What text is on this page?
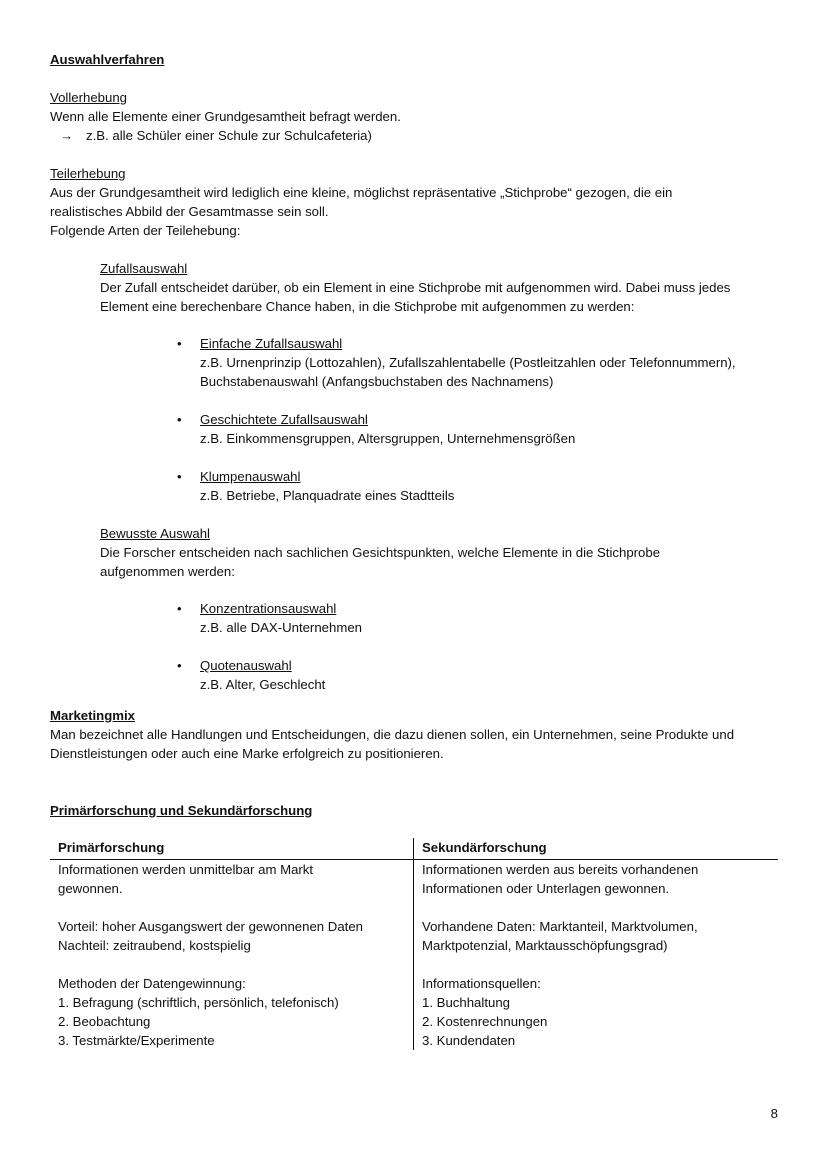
Auswahlverfahren

Vollerhebung

Wenn alle Elemente einer Grundgesamtheit befragt werden.

→ z.B. alle Schüler einer Schule zur Schulcafeteria)

Teilerhebung

Aus der Grundgesamtheit wird lediglich eine kleine, möglichst repräsentative „Stichprobe“ gezogen, die ein

realistisches Abbild der Gesamtmasse sein soll.

Folgende Arten der Teilehebung:

Zufallsauswahl

Der Zufall entscheidet darüber, ob ein Element in eine Stichprobe mit aufgenommen wird. Dabei muss jedes

Element eine berechenbare Chance haben, in die Stichprobe mit aufgenommen zu werden:

• Einfache Zufallsauswahl

z.B. Urnenprinzip (Lottozahlen), Zufallszahlentabelle (Postleitzahlen oder Telefonnummern),

Buchstabenauswahl (Anfangsbuchstaben des Nachnamens)

• Geschichtete Zufallsauswahl

z.B. Einkommensgruppen, Altersgruppen, Unternehmensgrößen

• Klumpenauswahl

z.B. Betriebe, Planquadrate eines Stadtteils

Bewusste Auswahl

Die Forscher entscheiden nach sachlichen Gesichtspunkten, welche Elemente in die Stichprobe

aufgenommen werden:

• Konzentrationsauswahl

z.B. alle DAX-Unternehmen

• Quotenauswahl

z.B. Alter, Geschlecht

Marketingmix

Man bezeichnet alle Handlungen und Entscheidungen, die dazu dienen sollen, ein Unternehmen, seine Produkte und

Dienstleistungen oder auch eine Marke erfolgreich zu positionieren.

Primärforschung und Sekundärforschung

Primärforschung	Sekundärforschung
Informationen werden unmittelbar am Markt	Informationen werden aus bereits vorhandenen
gewonnen.	Informationen oder Unterlagen gewonnen.

Vorteil: hoher Ausgangswert der gewonnenen Daten	Vorhandene Daten: Marktanteil, Marktvolumen,
Nachteil: zeitraubend, kostspielig	Marktpotenzial, Marktausschöpfungsgrad)

Methoden der Datengewinnung:	Informationsquellen:
1. Befragung (schriftlich, persönlich, telefonisch)	1. Buchhaltung
2. Beobachtung	2. Kostenrechnungen
3. Testmärkte/Experimente	3. Kundendaten
8
